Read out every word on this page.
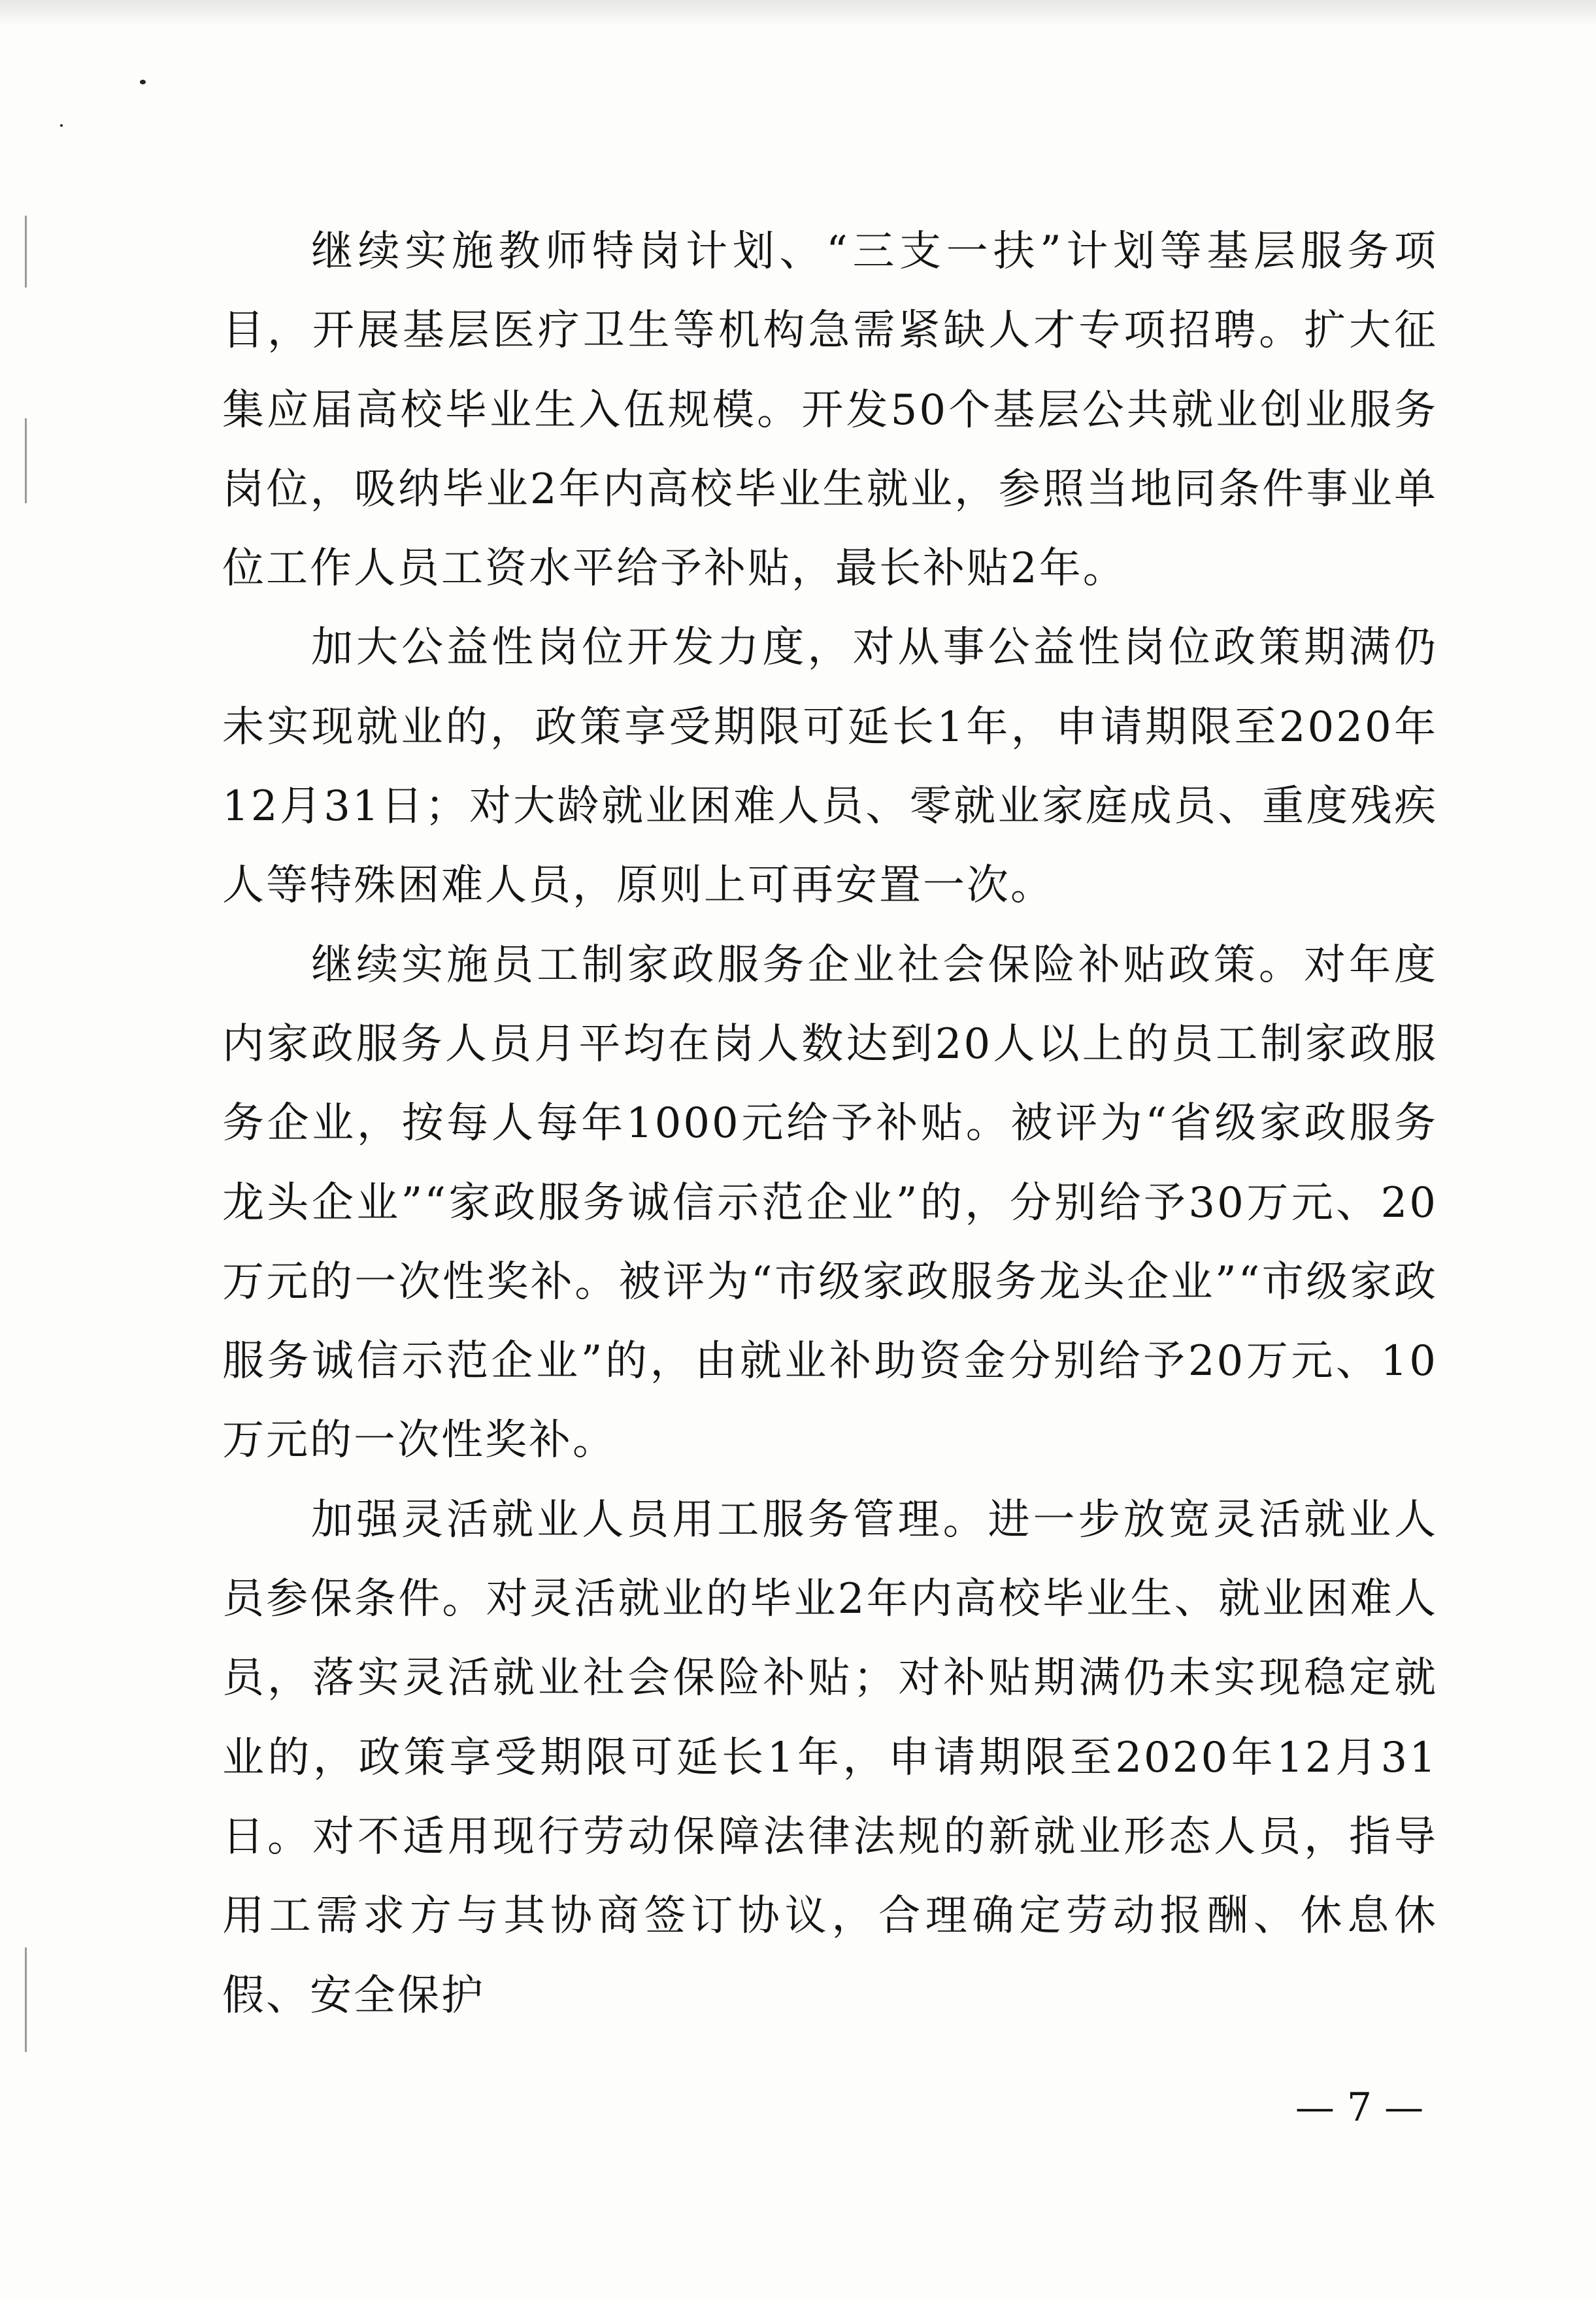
继续实施教师特岗计划、“三支一扶”计划等基层服务项目，开展基层医疗卫生等机构急需紧缺人才专项招聘。扩大征集应届高校毕业生入伍规模。开发50个基层公共就业创业服务岗位，吸纳毕业2年内高校毕业生就业，参照当地同条件事业单位工作人员工资水平给予补贴，最长补贴2年。

加大公益性岗位开发力度，对从事公益性岗位政策期满仍未实现就业的，政策享受期限可延长1年，申请期限至2020年12月31日；对大龄就业困难人员、零就业家庭成员、重度残疾人等特殊困难人员，原则上可再安置一次。

继续实施员工制家政服务企业社会保险补贴政策。对年度内家政服务人员月平均在岗人数达到20人以上的员工制家政服务企业，按每人每年1000元给予补贴。被评为“省级家政服务龙头企业”“家政服务诚信示范企业”的，分别给予30万元、20万元的一次性奖补。被评为“市级家政服务龙头企业”“市级家政服务诚信示范企业”的，由就业补助资金分别给予20万元、10万元的一次性奖补。

加强灵活就业人员用工服务管理。进一步放宽灵活就业人员参保条件。对灵活就业的毕业2年内高校毕业生、就业困难人员，落实灵活就业社会保险补贴；对补贴期满仍未实现稳定就业的，政策享受期限可延长1年，申请期限至2020年12月31日。对不适用现行劳动保障法律法规的新就业形态人员，指导用工需求方与其协商签订协议，合理确定劳动报酬、休息休假、安全保护

— 7 —
